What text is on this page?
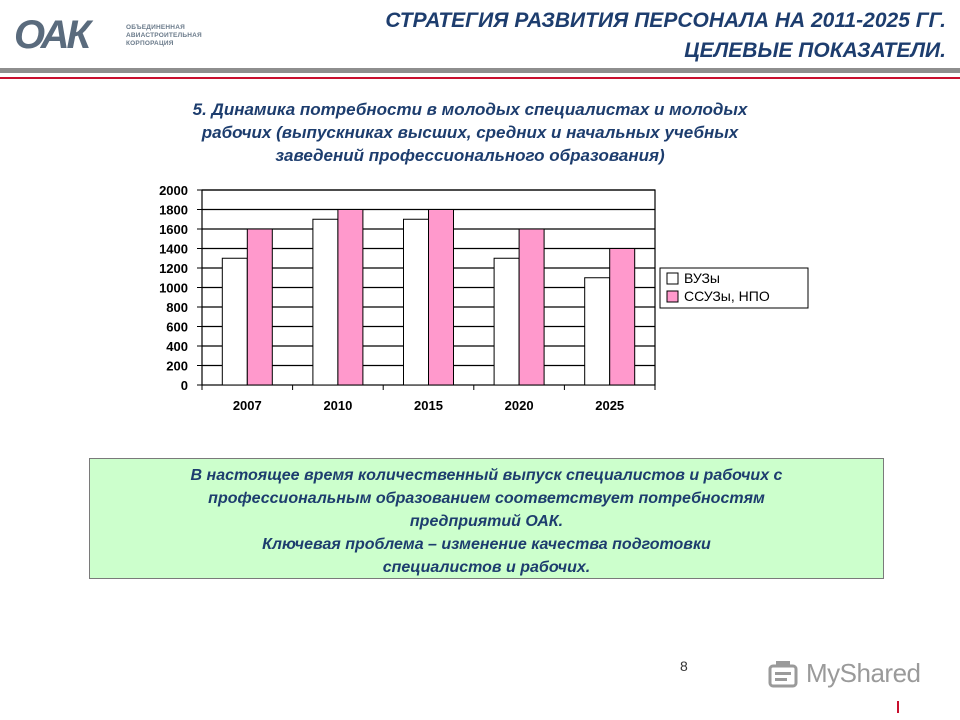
ОАК	ОБЪЕДИНЕННАЯ
АВИАСТРОИТЕЛЬНАЯ
КОРПОРАЦИЯ
СТРАТЕГИЯ РАЗВИТИЯ ПЕРСОНАЛА НА 2011-2025 ГГ.
ЦЕЛЕВЫЕ ПОКАЗАТЕЛИ.
5. Динамика потребности в молодых специалистах и молодых
рабочих (выпускниках высших, средних и начальных учебных
заведений профессионального образования)
0
200
400
600
800
1000
1200
1400
1600
1800
2000
2007	2010	2015	2020	2025
ВУЗы
ССУЗы, НПО
В настоящее время количественный выпуск специалистов и рабочих с
профессиональным образованием соответствует потребностям
предприятий ОАК.
Ключевая проблема – изменение качества подготовки
специалистов и рабочих.
8	MyShared
